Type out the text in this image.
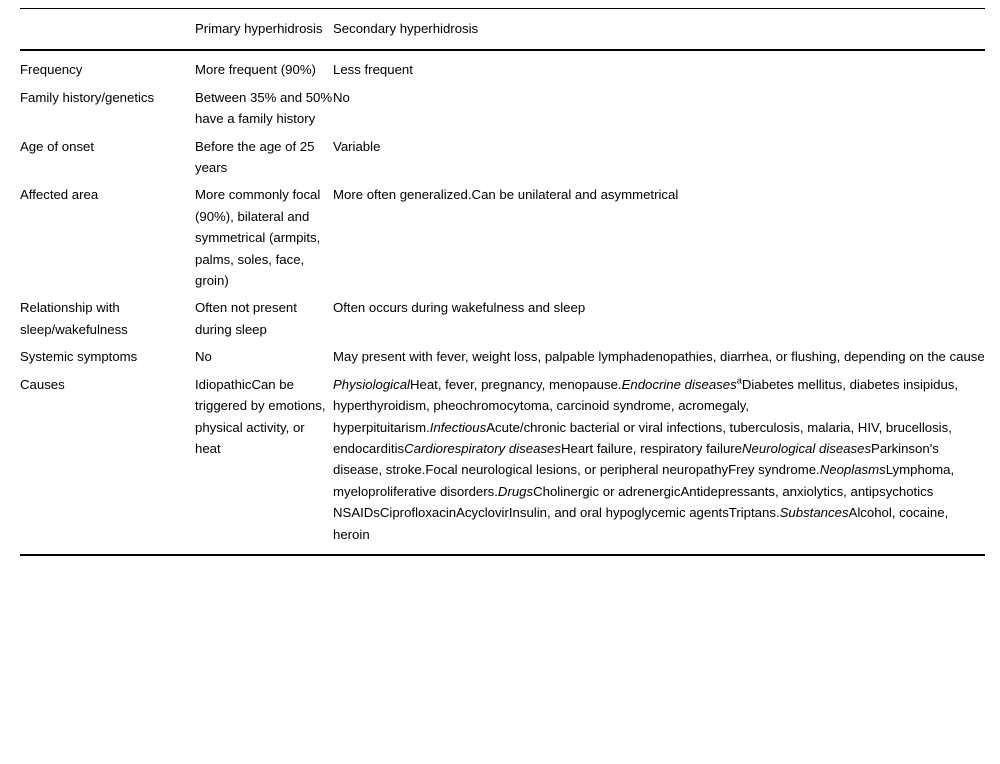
	Primary hyperhidrosis	Secondary hyperhidrosis

Frequency	More frequent (90%)	Less frequent

Family history/genetics	Between 35% and 50% have a family history	No

Age of onset	Before the age of 25 years	Variable

Affected area	More commonly focal (90%), bilateral and symmetrical (armpits, palms, soles, face, groin)	More often generalized.Can be unilateral and asymmetrical

Relationship with sleep/wakefulness	Often not present during sleep	Often occurs during wakefulness and sleep

Systemic symptoms	No	May present with fever, weight loss, palpable lymphadenopathies, diarrhea, or flushing, depending on the cause

Causes	IdiopathicCan be triggered by emotions, physical activity, or heat	PhysiologicalHeat, fever, pregnancy, menopause.Endocrine diseases$^a$Diabetes mellitus, diabetes insipidus, hyperthyroidism, pheochromocytoma, carcinoid syndrome, acromegaly, hyperpituitarism.InfectiousAcute/chronic bacterial or viral infections, tuberculosis, malaria, HIV, brucellosis, endocarditisCardiorespiratory diseasesHeart failure, respiratory failureNeurological diseasesParkinson's disease, stroke.Focal neurological lesions, or peripheral neuropathyFrey syndrome.NeoplasmsLymphoma, myeloproliferative disorders.DrugsCholinergic or adrenergicAntidepressants, anxiolytics, antipsychotics NSAIDsCiprofloxacinAcyclovirInsulin, and oral hypoglycemic agentsTriptans.SubstancesAlcohol, cocaine, heroin
